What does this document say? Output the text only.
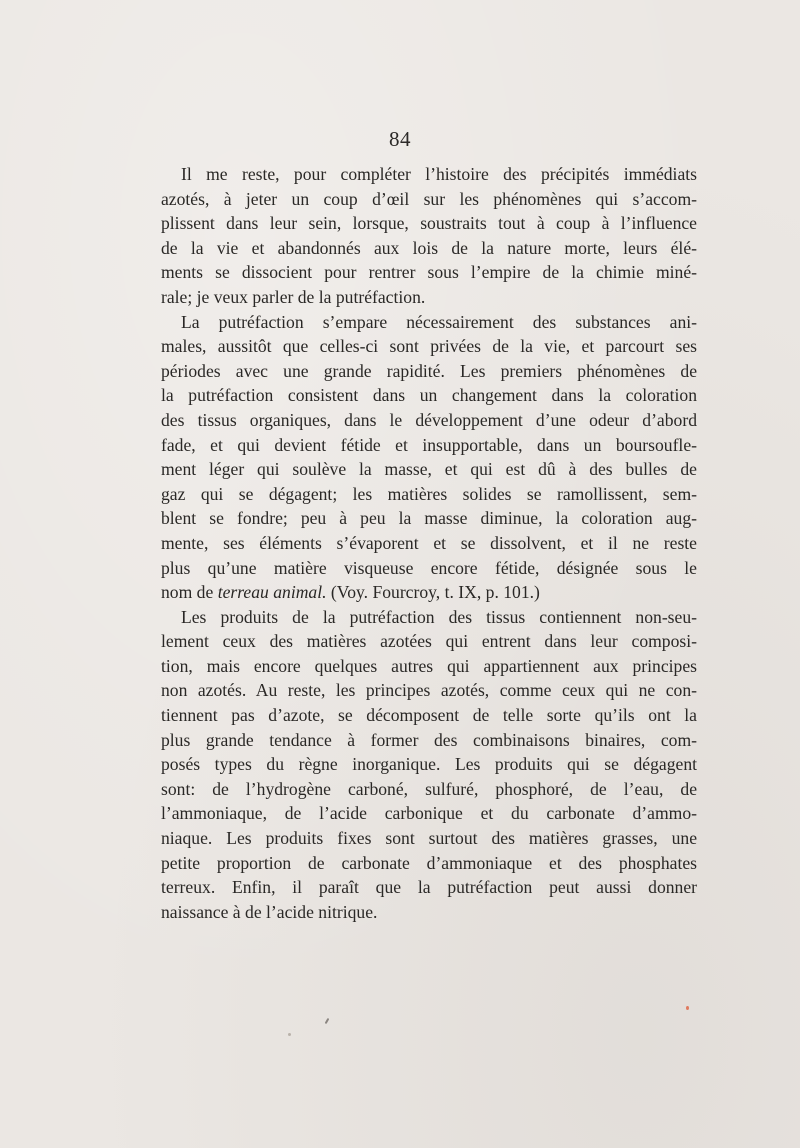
84
Il me reste, pour compléter l’histoire des précipités immédiats
azotés, à jeter un coup d’œil sur les phénomènes qui s’accom-
plissent dans leur sein, lorsque, soustraits tout à coup à l’influence
de la vie et abandonnés aux lois de la nature morte, leurs élé-
ments se dissocient pour rentrer sous l’empire de la chimie miné-
rale; je veux parler de la putréfaction.
La putréfaction s’empare nécessairement des substances ani-
males, aussitôt que celles-ci sont privées de la vie, et parcourt ses
périodes avec une grande rapidité. Les premiers phénomènes de
la putréfaction consistent dans un changement dans la coloration
des tissus organiques, dans le développement d’une odeur d’abord
fade, et qui devient fétide et insupportable, dans un boursoufle-
ment léger qui soulève la masse, et qui est dû à des bulles de
gaz qui se dégagent; les matières solides se ramollissent, sem-
blent se fondre; peu à peu la masse diminue, la coloration aug-
mente, ses éléments s’évaporent et se dissolvent, et il ne reste
plus qu’une matière visqueuse encore fétide, désignée sous le
nom de terreau animal. (Voy. Fourcroy, t. IX, p. 101.)
Les produits de la putréfaction des tissus contiennent non-seu-
lement ceux des matières azotées qui entrent dans leur composi-
tion, mais encore quelques autres qui appartiennent aux principes
non azotés. Au reste, les principes azotés, comme ceux qui ne con-
tiennent pas d’azote, se décomposent de telle sorte qu’ils ont la
plus grande tendance à former des combinaisons binaires, com-
posés types du règne inorganique. Les produits qui se dégagent
sont: de l’hydrogène carboné, sulfuré, phosphoré, de l’eau, de
l’ammoniaque, de l’acide carbonique et du carbonate d’ammo-
niaque. Les produits fixes sont surtout des matières grasses, une
petite proportion de carbonate d’ammoniaque et des phosphates
terreux. Enfin, il paraît que la putréfaction peut aussi donner
naissance à de l’acide nitrique.
